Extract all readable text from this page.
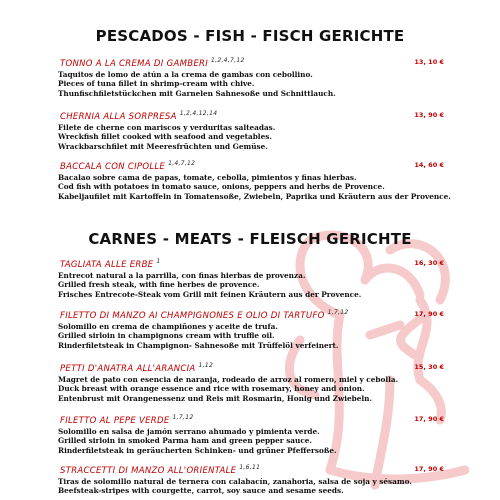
PESCADOS - FISH - FISCH GERICHTE
TONNO A LA CREMA DI GAMBERI $^{1,2,4,7,12}$	13, 10 €
Taquitos de lomo de atún a la crema de gambas con cebollino.
Pieces of tuna fillet in shrimp-cream with chive.
Thunfischfiletstückchen mit Garnelen Sahnesoße und Schnittlauch.
CHERNIA ALLA SORPRESA $^{1,2,4,12,14}$	13, 90 €
Filete de cherne con mariscos y verduritas salteadas.
Wreckfish fillet cooked with seafood and vegetables.
Wrackbarschfilet mit Meeresfrüchten und Gemüse.
BACCALA CON CIPOLLE $^{1,4,7,12}$	14, 60 €
Bacalao sobre cama de papas, tomate, cebolla, pimientos y finas hierbas.
Cod fish with potatoes in tomato sauce, onions, peppers and herbs de Provence.
Kabeljaufilet mit Kartoffeln in Tomatensoße, Zwiebeln, Paprika und Kräutern aus der Provence.
CARNES - MEATS - FLEISCH GERICHTE
TAGLIATA ALLE ERBE $^1$	16, 30 €
Entrecot natural a la parrilla, con finas hierbas de provenza.
Grilled fresh steak, with fine herbes de provence.
Frisches Entrecote-Steak vom Grill mit feinen Kräutern aus der Provence.
FILETTO DI MANZO AI CHAMPIGNONES E OLIO DI TARTUFO $^{1,7,12}$	17, 90 €
Solomillo en crema de champiñones y aceite de trufa.
Grilled sirloin in champignons cream with truffle oil.
Rinderfiletsteak in Champignon- Sahnesoße mit Trüffelöl verfeinert.
PETTI D'ANATRA ALL'ARANCIA $^{1,12}$	15, 30 €
Magret de pato con esencia de naranja, rodeado de arroz al romero, miel y cebolla.
Duck breast with orange essence and rice with rosemary, honey and onion.
Entenbrust mit Orangenessenz und Reis mit Rosmarin, Honig und Zwiebeln.
FILETTO AL PEPE VERDE $^{1,7,12}$	17, 90 €
Solomillo en salsa de jamón serrano ahumado y pimienta verde.
Grilled sirloin in smoked Parma ham and green pepper sauce.
Rinderfiletsteak in geräucherten Schinken- und grüner Pfeffersoße.
STRACCETTI DI MANZO ALL'ORIENTALE $^{1,6,11}$	17, 90 €
Tiras de solomillo natural de ternera con calabacín, zanahoria, salsa de soja y sésamo.
Beefsteak-stripes with courgette, carrot, soy sauce and sesame seeds.
